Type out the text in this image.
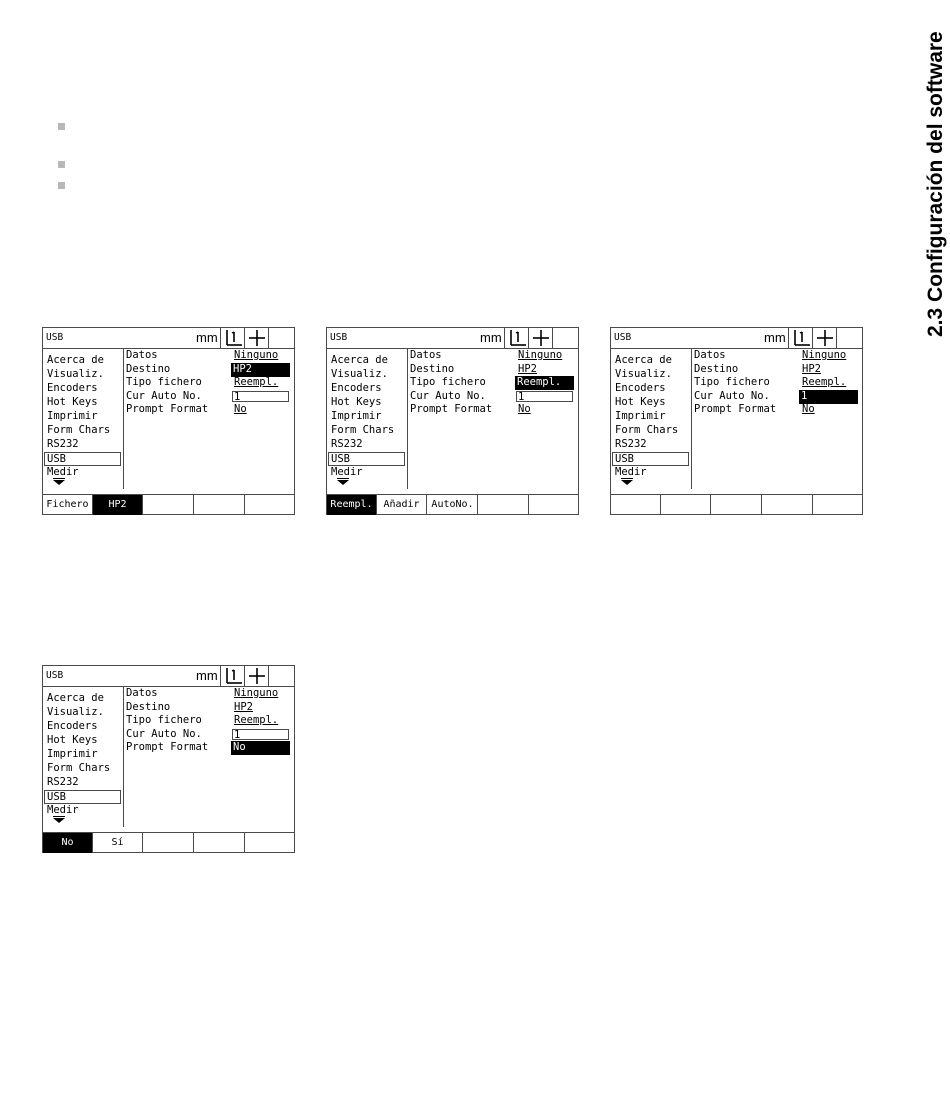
2.3 Configuración del software
USB	mm
Acerca de
Visualiz.
Encoders
Hot Keys
Imprimir
Form Chars
RS232
USB
Medir
Datos	Ninguno
Destino	HP2
Tipo fichero	Reempl.
Cur Auto No.	1
Prompt Format No
Fichero	HP2
USB	mm
Acerca de
Visualiz.
Encoders
Hot Keys
Imprimir
Form Chars
RS232
USB
Medir
Datos	Ninguno
Destino	HP2
Tipo fichero	Reempl.
Cur Auto No.	1
Prompt Format No
Reempl.	Añadir	AutoNo.
USB	mm
Acerca de
Visualiz.
Encoders
Hot Keys
Imprimir
Form Chars
RS232
USB
Medir
Datos	Ninguno
Destino	HP2
Tipo fichero	Reempl.
Cur Auto No.	1
Prompt Format No
USB	mm
Acerca de
Visualiz.
Encoders
Hot Keys
Imprimir
Form Chars
RS232
USB
Medir
Datos	Ninguno
Destino	HP2
Tipo fichero	Reempl.
Cur Auto No.	1
Prompt Format No
No	Sí
